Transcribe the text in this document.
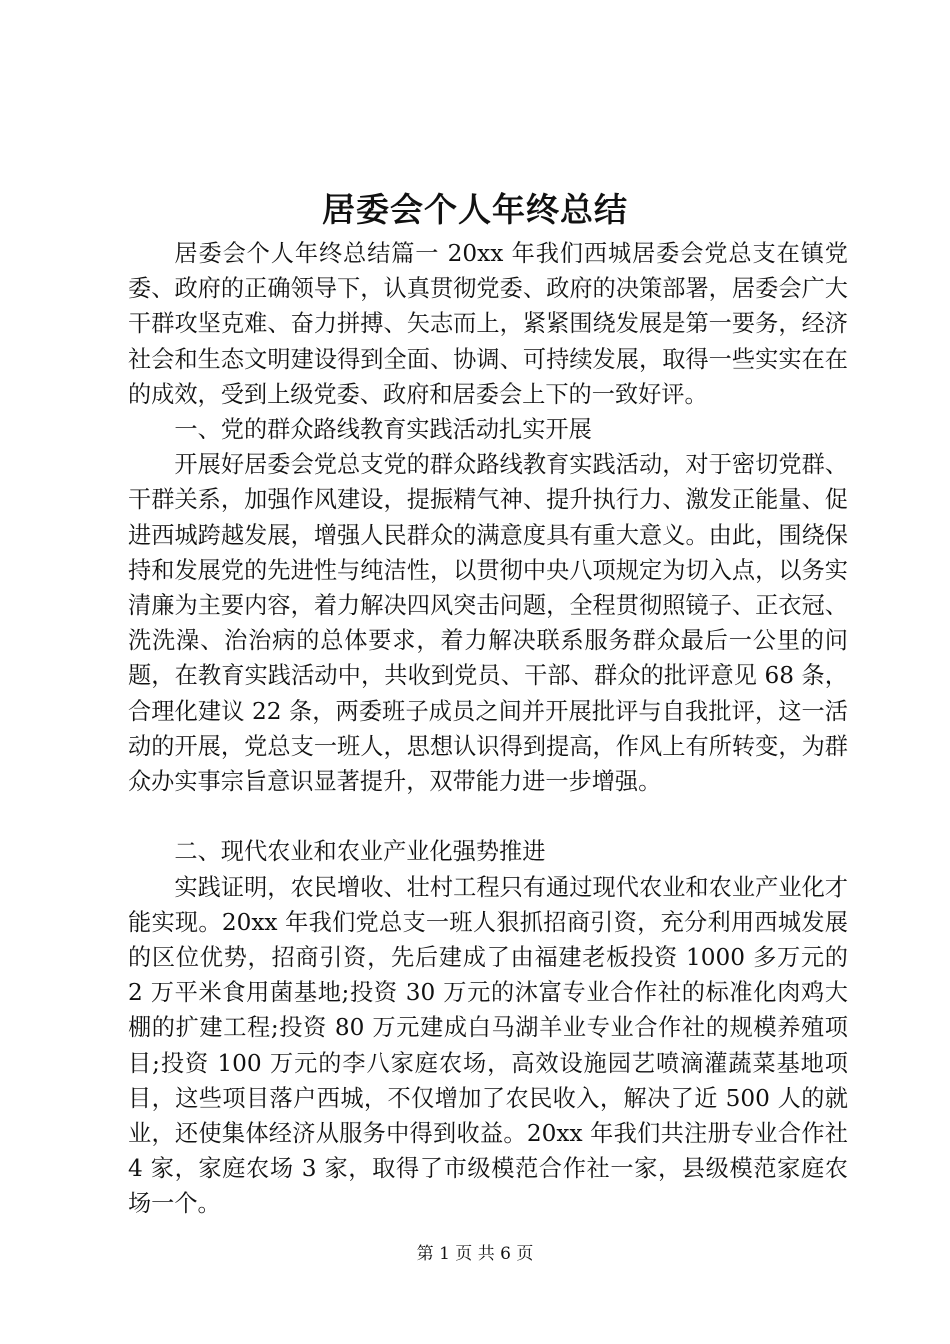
居委会个人年终总结

居委会个人年终总结篇一 20xx 年我们西城居委会党总支在镇党委、政府的正确领导下，认真贯彻党委、政府的决策部署，居委会广大干群攻坚克难、奋力拼搏、矢志而上，紧紧围绕发展是第一要务，经济社会和生态文明建设得到全面、协调、可持续发展，取得一些实实在在的成效，受到上级党委、政府和居委会上下的一致好评。

一、党的群众路线教育实践活动扎实开展

开展好居委会党总支党的群众路线教育实践活动，对于密切党群、干群关系，加强作风建设，提振精气神、提升执行力、激发正能量、促进西城跨越发展，增强人民群众的满意度具有重大意义。由此，围绕保持和发展党的先进性与纯洁性，以贯彻中央八项规定为切入点，以务实清廉为主要内容，着力解决四风突击问题，全程贯彻照镜子、正衣冠、洗洗澡、治治病的总体要求，着力解决联系服务群众最后一公里的问题，在教育实践活动中，共收到党员、干部、群众的批评意见 68 条，合理化建议 22 条，两委班子成员之间并开展批评与自我批评，这一活动的开展，党总支一班人，思想认识得到提高，作风上有所转变，为群众办实事宗旨意识显著提升，双带能力进一步增强。

二、现代农业和农业产业化强势推进

实践证明，农民增收、壮村工程只有通过现代农业和农业产业化才能实现。20xx 年我们党总支一班人狠抓招商引资，充分利用西城发展的区位优势，招商引资，先后建成了由福建老板投资 1000 多万元的 2 万平米食用菌基地;投资 30 万元的沐富专业合作社的标准化肉鸡大棚的扩建工程;投资 80 万元建成白马湖羊业专业合作社的规模养殖项目;投资 100 万元的李八家庭农场，高效设施园艺喷滴灌蔬菜基地项目，这些项目落户西城，不仅增加了农民收入，解决了近 500 人的就业，还使集体经济从服务中得到收益。20xx 年我们共注册专业合作社 4 家，家庭农场 3 家，取得了市级模范合作社一家，县级模范家庭农场一个。

第 1 页 共 6 页
